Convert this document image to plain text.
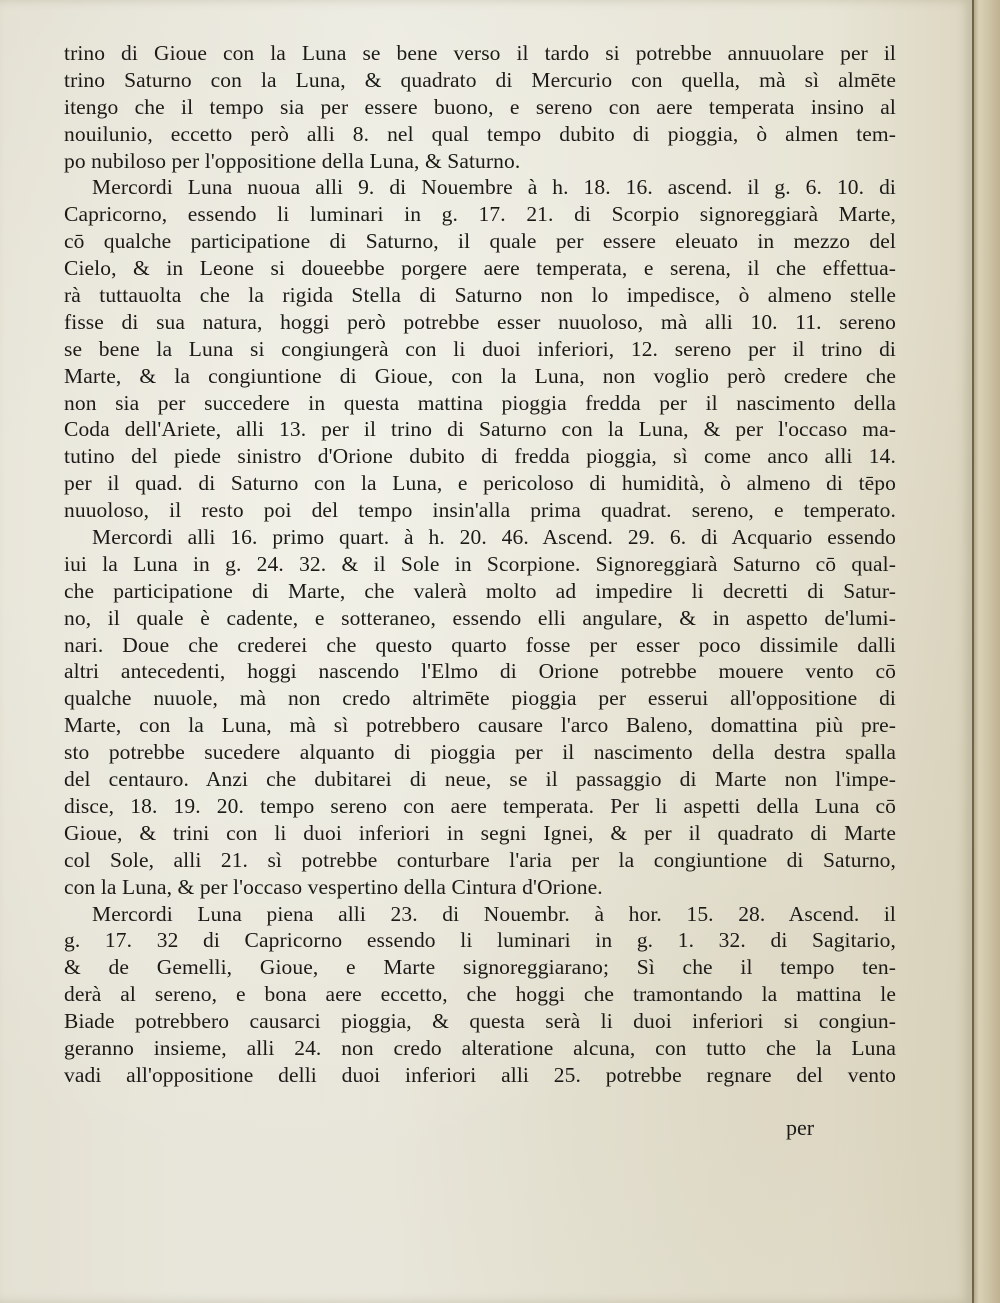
trino di Gioue con la Luna se bene verso il tardo si potrebbe annuuolare per il
trino Saturno con la Luna, & quadrato di Mercurio con quella, mà sì almēte
itengo che il tempo sia per essere buono, e sereno con aere temperata insino al
nouilunio, eccetto però alli 8. nel qual tempo dubito di pioggia, ò almen tem-
po nubiloso per l'oppositione della Luna, & Saturno.
Mercordi Luna nuoua alli 9. di Nouembre à h. 18. 16. ascend. il g. 6. 10. di
Capricorno, essendo li luminari in g. 17. 21. di Scorpio signoreggiarà Marte,
cō qualche participatione di Saturno, il quale per essere eleuato in mezzo del
Cielo, & in Leone si doueebbe porgere aere temperata, e serena, il che effettua-
rà tuttauolta che la rigida Stella di Saturno non lo impedisce, ò almeno stelle
fisse di sua natura, hoggi però potrebbe esser nuuoloso, mà alli 10. 11. sereno
se bene la Luna si congiungerà con li duoi inferiori, 12. sereno per il trino di
Marte, & la congiuntione di Gioue, con la Luna, non voglio però credere che
non sia per succedere in questa mattina pioggia fredda per il nascimento della
Coda dell'Ariete, alli 13. per il trino di Saturno con la Luna, & per l'occaso ma-
tutino del piede sinistro d'Orione dubito di fredda pioggia, sì come anco alli 14.
per il quad. di Saturno con la Luna, e pericoloso di humidità, ò almeno di tēpo
nuuoloso, il resto poi del tempo insin'alla prima quadrat. sereno, e temperato.
Mercordi alli 16. primo quart. à h. 20. 46. Ascend. 29. 6. di Acquario essendo
iui la Luna in g. 24. 32. & il Sole in Scorpione. Signoreggiarà Saturno cō qual-
che participatione di Marte, che valerà molto ad impedire li decretti di Satur-
no, il quale è cadente, e sotteraneo, essendo elli angulare, & in aspetto de'lumi-
nari. Doue che crederei che questo quarto fosse per esser poco dissimile dalli
altri antecedenti, hoggi nascendo l'Elmo di Orione potrebbe mouere vento cō
qualche nuuole, mà non credo altrimēte pioggia per esserui all'oppositione di
Marte, con la Luna, mà sì potrebbero causare l'arco Baleno, domattina più pre-
sto potrebbe sucedere alquanto di pioggia per il nascimento della destra spalla
del centauro. Anzi che dubitarei di neue, se il passaggio di Marte non l'impe-
disce, 18. 19. 20. tempo sereno con aere temperata. Per li aspetti della Luna cō
Gioue, & trini con li duoi inferiori in segni Ignei, & per il quadrato di Marte
col Sole, alli 21. sì potrebbe conturbare l'aria per la congiuntione di Saturno,
con la Luna, & per l'occaso vespertino della Cintura d'Orione.
Mercordi Luna piena alli 23. di Nouembr. à hor. 15. 28. Ascend. il
g. 17. 32 di Capricorno essendo li luminari in g. 1. 32. di Sagitario,
& de Gemelli, Gioue, e Marte signoreggiarano; Sì che il tempo ten-
derà al sereno, e bona aere eccetto, che hoggi che tramontando la mattina le
Biade potrebbero causarci pioggia, & questa serà li duoi inferiori si congiun-
geranno insieme, alli 24. non credo alteratione alcuna, con tutto che la Luna
vadi all'oppositione delli duoi inferiori alli 25. potrebbe regnare del vento
per
